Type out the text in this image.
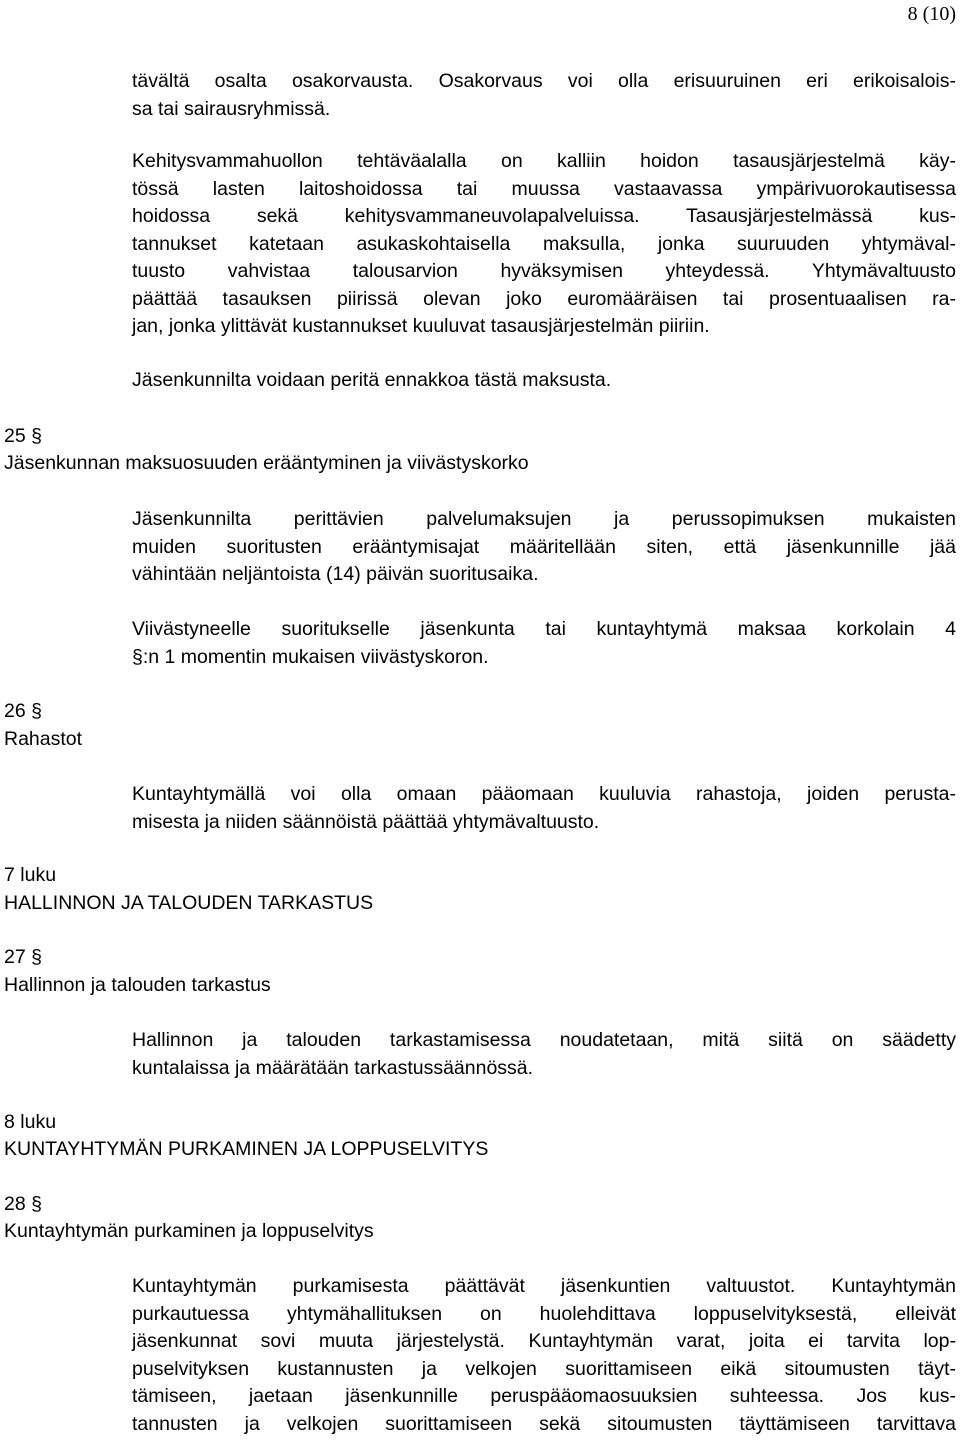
8 (10)
tävältä osalta osakorvausta. Osakorvaus voi olla erisuuruinen eri erikoisalois-
sa tai sairausryhmissä.
Kehitysvammahuollon tehtäväalalla on kalliin hoidon tasausjärjestelmä käy-
tössä lasten laitoshoidossa tai muussa vastaavassa ympärivuorokautisessa
hoidossa sekä kehitysvammaneuvolapalveluissa. Tasausjärjestelmässä kus-
tannukset katetaan asukaskohtaisella maksulla, jonka suuruuden yhtymäval-
tuusto vahvistaa talousarvion hyväksymisen yhteydessä. Yhtymävaltuusto
päättää tasauksen piirissä olevan joko euromääräisen tai prosentuaalisen ra-
jan, jonka ylittävät kustannukset kuuluvat tasausjärjestelmän piiriin.
Jäsenkunnilta voidaan peritä ennakkoa tästä maksusta.
25 §
Jäsenkunnan maksuosuuden erääntyminen ja viivästyskorko
Jäsenkunnilta perittävien palvelumaksujen ja perussopimuksen mukaisten
muiden suoritusten erääntymisajat määritellään siten, että jäsenkunnille jää
vähintään neljäntoista (14) päivän suoritusaika.
Viivästyneelle suoritukselle jäsenkunta tai kuntayhtymä maksaa korkolain 4
§:n 1 momentin mukaisen viivästyskoron.
26 §
Rahastot
Kuntayhtymällä voi olla omaan pääomaan kuuluvia rahastoja, joiden perusta-
misesta ja niiden säännöistä päättää yhtymävaltuusto.
7 luku
HALLINNON JA TALOUDEN TARKASTUS
27 §
Hallinnon ja talouden tarkastus
Hallinnon ja talouden tarkastamisessa noudatetaan, mitä siitä on säädetty
kuntalaissa ja määrätään tarkastussäännössä.
8 luku
KUNTAYHTYMÄN PURKAMINEN JA LOPPUSELVITYS
28 §
Kuntayhtymän purkaminen ja loppuselvitys
Kuntayhtymän purkamisesta päättävät jäsenkuntien valtuustot. Kuntayhtymän
purkautuessa yhtymähallituksen on huolehdittava loppuselvityksestä, elleivät
jäsenkunnat sovi muuta järjestelystä. Kuntayhtymän varat, joita ei tarvita lop-
puselvityksen kustannusten ja velkojen suorittamiseen eikä sitoumusten täyt-
tämiseen, jaetaan jäsenkunnille peruspääomaosuuksien suhteessa. Jos kus-
tannusten ja velkojen suorittamiseen sekä sitoumusten täyttämiseen tarvittava
